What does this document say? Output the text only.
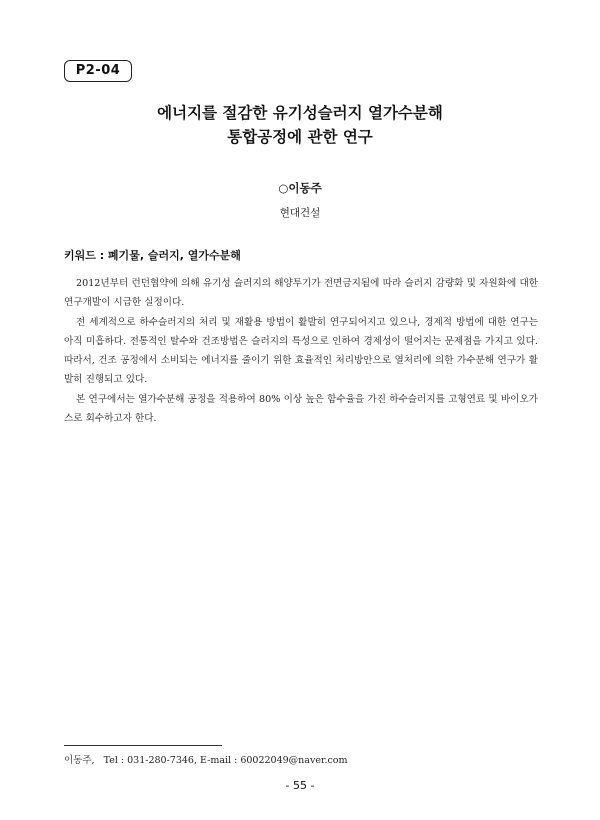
P2-04
에너지를 절감한 유기성슬러지 열가수분해
통합공정에 관한 연구
○이동주
현대건설
키워드 : 폐기물, 슬러지, 열가수분해

2012년부터 런던협약에 의해 유기성 슬러지의 해양투기가 전면금지됨에 따라 슬러지 감량화 및 자원화에 대한 연구개발이 시급한 실정이다.

전 세계적으로 하수슬러지의 처리 및 재활용 방법이 활발히 연구되어지고 있으나, 경제적 방법에 대한 연구는 아직 미흡하다. 전통적인 탈수와 건조방법은 슬러지의 특성으로 인하여 경제성이 떨어지는 문제점을 가지고 있다. 따라서, 건조 공정에서 소비되는 에너지를 줄이기 위한 효율적인 처리방안으로 열처리에 의한 가수분해 연구가 활발히 진행되고 있다.

본 연구에서는 열가수분해 공정을 적용하여 80% 이상 높은 함수율을 가진 하수슬러지를 고형연료 및 바이오가스로 회수하고자 한다.

이동주,   Tel : 031-280-7346, E-mail : 60022049@naver.com
- 55 -
